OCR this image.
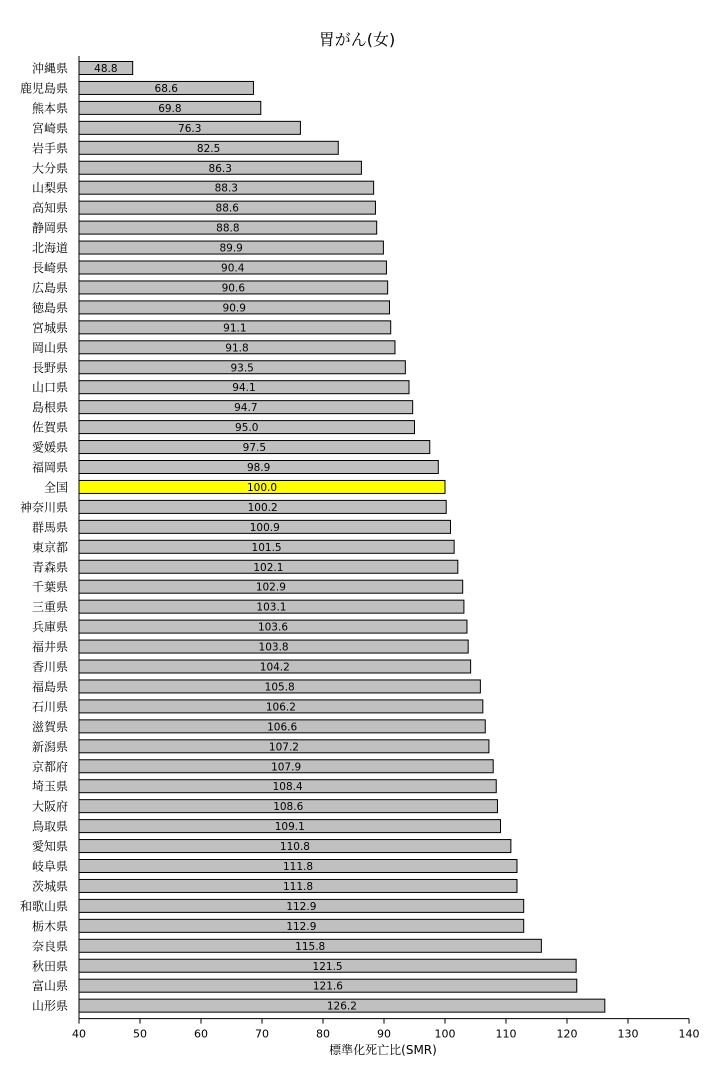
胃がん(女)
沖縄県 48.8
鹿児島県	68.6
熊本県	69.8
宮崎県	76.3
岩手県	82.5
大分県	86.3
山梨県	88.3
高知県	88.6
静岡県	88.8
北海道	89.9
長崎県	90.4
広島県	90.6
徳島県	90.9
宮城県	91.1
岡山県	91.8
長野県	93.5
山口県	94.1
島根県	94.7
佐賀県	95.0
愛媛県	97.5
福岡県	98.9
全国	100.0
神奈川県	100.2
群馬県	100.9
東京都	101.5
青森県	102.1
千葉県	102.9
三重県	103.1
兵庫県	103.6
福井県	103.8
香川県	104.2
福島県	105.8
石川県	106.2
滋賀県	106.6
新潟県	107.2
京都府	107.9
埼玉県	108.4
大阪府	108.6
鳥取県	109.1
愛知県	110.8
岐阜県	111.8
茨城県	111.8
和歌山県	112.9
栃木県	112.9
奈良県	115.8
秋田県	121.5
富山県	121.6
山形県	126.2
40	50	60	70	80	90	100	110	120	130	140
標準化死亡比(SMR)
